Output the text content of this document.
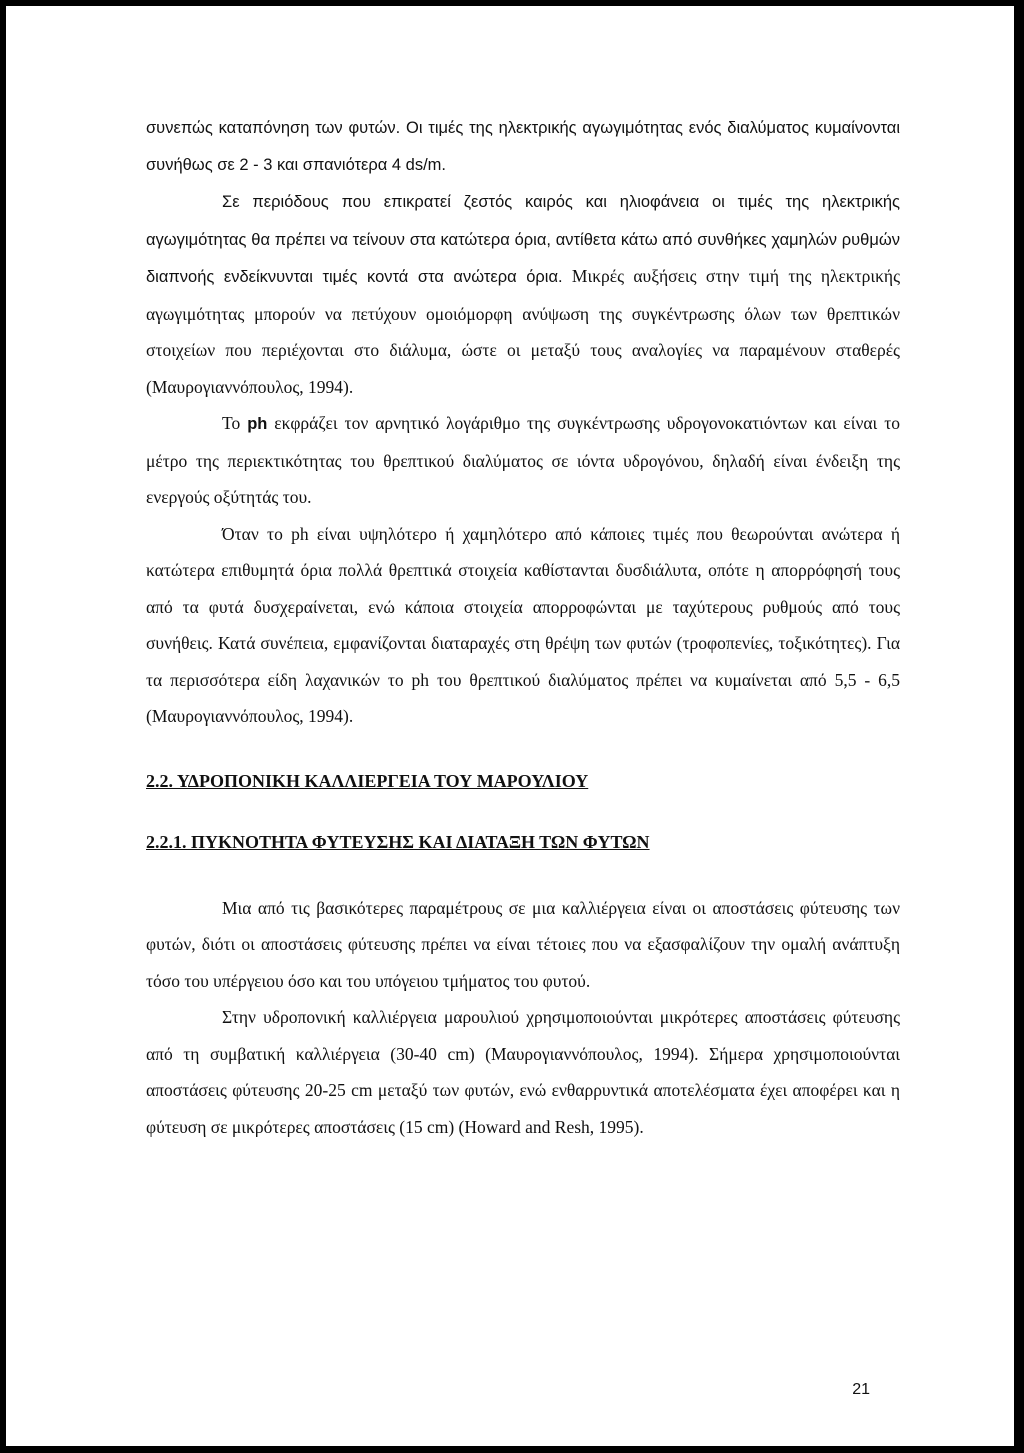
συνεπώς καταπόνηση των φυτών. Οι τιμές της ηλεκτρικής αγωγιμότητας ενός διαλύματος κυμαίνονται συνήθως σε 2 - 3 και σπανιότερα 4 ds/m.

Σε περιόδους που επικρατεί ζεστός καιρός και ηλιοφάνεια οι τιμές της ηλεκτρικής αγωγιμότητας θα πρέπει να τείνουν στα κατώτερα όρια, αντίθετα κάτω από συνθήκες χαμηλών ρυθμών διαπνοής ενδείκνυνται τιμές κοντά στα ανώτερα όρια. Μικρές αυξήσεις στην τιμή της ηλεκτρικής αγωγιμότητας μπορούν να πετύχουν ομοιόμορφη ανύψωση της συγκέντρωσης όλων των θρεπτικών στοιχείων που περιέχονται στο διάλυμα, ώστε οι μεταξύ τους αναλογίες να παραμένουν σταθερές (Μαυρογιαννόπουλος, 1994).

Το ph εκφράζει τον αρνητικό λογάριθμο της συγκέντρωσης υδρογονοκατιόντων και είναι το μέτρο της περιεκτικότητας του θρεπτικού διαλύματος σε ιόντα υδρογόνου, δηλαδή είναι ένδειξη της ενεργούς οξύτητάς του.

Όταν το ph είναι υψηλότερο ή χαμηλότερο από κάποιες τιμές που θεωρούνται ανώτερα ή κατώτερα επιθυμητά όρια πολλά θρεπτικά στοιχεία καθίστανται δυσδιάλυτα, οπότε η απορρόφησή τους από τα φυτά δυσχεραίνεται, ενώ κάποια στοιχεία απορροφώνται με ταχύτερους ρυθμούς από τους συνήθεις. Κατά συνέπεια, εμφανίζονται διαταραχές στη θρέψη των φυτών (τροφοπενίες, τοξικότητες). Για τα περισσότερα είδη λαχανικών το ph του θρεπτικού διαλύματος πρέπει να κυμαίνεται από 5,5 - 6,5 (Μαυρογιαννόπουλος, 1994).

2.2. ΥΔΡΟΠΟΝΙΚΗ ΚΑΛΛΙΕΡΓΕΙΑ ΤΟΥ ΜΑΡΟΥΛΙΟΥ

2.2.1. ΠΥΚΝΟΤΗΤΑ ΦΥΤΕΥΣΗΣ ΚΑΙ ΔΙΑΤΑΞΗ ΤΩΝ ΦΥΤΩΝ

Μια από τις βασικότερες παραμέτρους σε μια καλλιέργεια είναι οι αποστάσεις φύτευσης των φυτών, διότι οι αποστάσεις φύτευσης πρέπει να είναι τέτοιες που να εξασφαλίζουν την ομαλή ανάπτυξη τόσο του υπέργειου όσο και του υπόγειου τμήματος του φυτού.

Στην υδροπονική καλλιέργεια μαρουλιού χρησιμοποιούνται μικρότερες αποστάσεις φύτευσης από τη συμβατική καλλιέργεια (30-40 cm) (Μαυρογιαννόπουλος, 1994). Σήμερα χρησιμοποιούνται αποστάσεις φύτευσης 20-25 cm μεταξύ των φυτών, ενώ ενθαρρυντικά αποτελέσματα έχει αποφέρει και η φύτευση σε μικρότερες αποστάσεις (15 cm) (Howard and Resh, 1995).

21
